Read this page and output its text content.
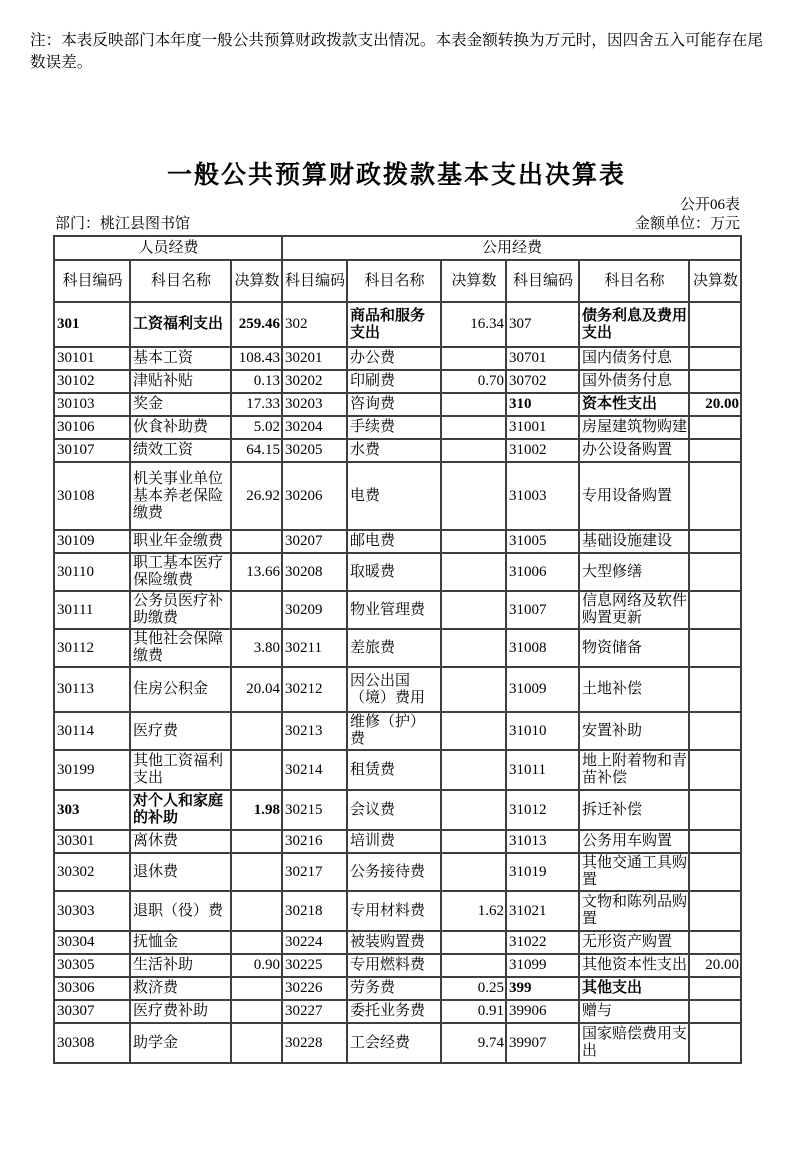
注：本表反映部门本年度一般公共预算财政拨款支出情况。本表金额转换为万元时，因四舍五入可能存在尾数误差。
一般公共预算财政拨款基本支出决算表
公开06表
部门：桃江县图书馆	金额单位：万元
人员经费			公用经费					
科目编码	科目名称	决算数	科目编码	科目名称	决算数	科目编码	科目名称	决算数
301	工资福利支出	259.46	302	商品和服务支出	16.34	307	债务利息及费用支出	
30101	基本工资	108.43	30201	办公费		30701	国内债务付息	
30102	津贴补贴	0.13	30202	印刷费	0.70	30702	国外债务付息	
30103	奖金	17.33	30203	咨询费		310	资本性支出	20.00
30106	伙食补助费	5.02	30204	手续费		31001	房屋建筑物购建	
30107	绩效工资	64.15	30205	水费		31002	办公设备购置	
30108	机关事业单位基本养老保险缴费	26.92	30206	电费		31003	专用设备购置	
30109	职业年金缴费		30207	邮电费		31005	基础设施建设	
30110	职工基本医疗保险缴费	13.66	30208	取暖费		31006	大型修缮	
30111	公务员医疗补助缴费		30209	物业管理费		31007	信息网络及软件购置更新	
30112	其他社会保障缴费	3.80	30211	差旅费		31008	物资储备	
30113	住房公积金	20.04	30212	因公出国（境）费用		31009	土地补偿	
30114	医疗费		30213	维修（护）费		31010	安置补助	
30199	其他工资福利支出		30214	租赁费		31011	地上附着物和青苗补偿	
303	对个人和家庭的补助	1.98	30215	会议费		31012	拆迁补偿	
30301	离休费		30216	培训费		31013	公务用车购置	
30302	退休费		30217	公务接待费		31019	其他交通工具购置	
30303	退职（役）费		30218	专用材料费	1.62	31021	文物和陈列品购置	
30304	抚恤金		30224	被装购置费		31022	无形资产购置	
30305	生活补助	0.90	30225	专用燃料费		31099	其他资本性支出	20.00
30306	救济费		30226	劳务费	0.25	399	其他支出	
30307	医疗费补助		30227	委托业务费	0.91	39906	赠与	
30308	助学金		30228	工会经费	9.74	39907	国家赔偿费用支出	
